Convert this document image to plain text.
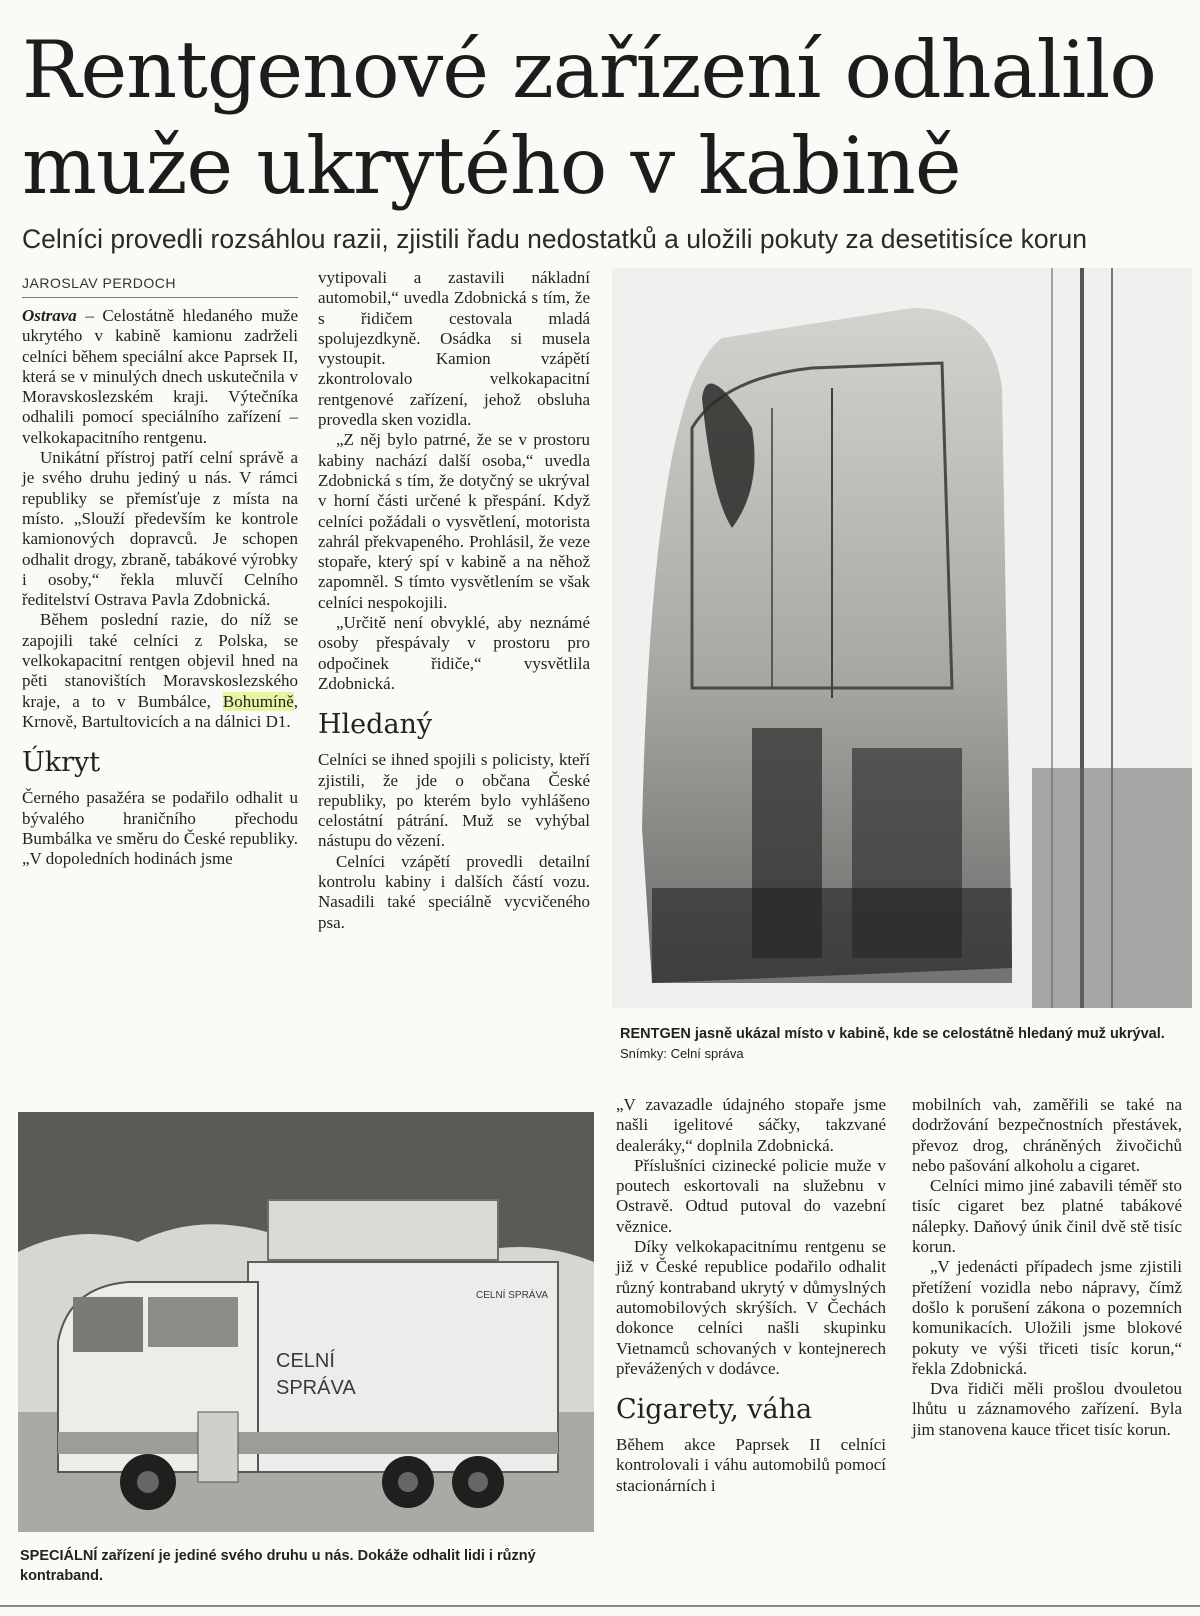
Rentgenové zařízení odhalilo
muže ukrytého v kabině

Celníci provedli rozsáhlou razii, zjistili řadu nedostatků a uložili pokuty za desetitisíce korun

JAROSLAV PERDOCH

Ostrava – Celostátně hledaného muže ukrytého v kabině kamionu zadrželi celníci během speciální akce Paprsek II, která se v minulých dnech uskutečnila v Moravskoslezském kraji. Výtečníka odhalili pomocí speciálního zařízení – velkokapacitního rentgenu.

Unikátní přístroj patří celní správě a je svého druhu jediný u nás. V rámci republiky se přemísťuje z místa na místo. „Slouží především ke kontrole kamionových dopravců. Je schopen odhalit drogy, zbraně, tabákové výrobky i osoby,“ řekla mluvčí Celního ředitelství Ostrava Pavla Zdobnická.

Během poslední razie, do níž se zapojili také celníci z Polska, se velkokapacitní rentgen objevil hned na pěti stanovištích Moravskoslezského kraje, a to v Bumbálce, Bohumíně, Krnově, Bartultovicích a na dálnici D1.

Úkryt

Černého pasažéra se podařilo odhalit u bývalého hraničního přechodu Bumbálka ve směru do České republiky. „V dopoledních hodinách jsme

vytipovali a zastavili nákladní automobil,“ uvedla Zdobnická s tím, že s řidičem cestovala mladá spolujezdkyně. Osádka si musela vystoupit. Kamion vzápětí zkontrolovalo velkokapacitní rentgenové zařízení, jehož obsluha provedla sken vozidla.

„Z něj bylo patrné, že se v prostoru kabiny nachází další osoba,“ uvedla Zdobnická s tím, že dotyčný se ukrýval v horní části určené k přespání. Když celníci požádali o vysvětlení, motorista zahrál překvapeného. Prohlásil, že veze stopaře, který spí v kabině a na něhož zapomněl. S tímto vysvětlením se však celníci nespokojili.

„Určitě není obvyklé, aby neznámé osoby přespávaly v prostoru pro odpočinek řidiče,“ vysvětlila Zdobnická.

Hledaný

Celníci se ihned spojili s policisty, kteří zjistili, že jde o občana České republiky, po kterém bylo vyhlášeno celostátní pátrání. Muž se vyhýbal nástupu do vězení.

Celníci vzápětí provedli detailní kontrolu kabiny i dalších částí vozu. Nasadili také speciálně vycvičeného psa.

RENTGEN jasně ukázal místo v kabině, kde se celostátně hledaný muž ukrýval. Snímky: Celní správa
CELNÍ
SPRÁVA
CELNÍ SPRÁVA
SPECIÁLNÍ zařízení je jediné svého druhu u nás. Dokáže odhalit lidi i různý kontraband.

„V zavazadle údajného stopaře jsme našli igelitové sáčky, takzvané dealeráky,“ doplnila Zdobnická.

Příslušníci cizinecké policie muže v poutech eskortovali na služebnu v Ostravě. Odtud putoval do vazební věznice.

Díky velkokapacitnímu rentgenu se již v České republice podařilo odhalit různý kontraband ukrytý v důmyslných automobilových skrýších. V Čechách dokonce celníci našli skupinku Vietnamců schovaných v kontejnerech převážených v dodávce.

Cigarety, váha

Během akce Paprsek II celníci kontrolovali i váhu automobilů pomocí stacionárních i

mobilních vah, zaměřili se také na dodržování bezpečnostních přestávek, převoz drog, chráněných živočichů nebo pašování alkoholu a cigaret.

Celníci mimo jiné zabavili téměř sto tisíc cigaret bez platné tabákové nálepky. Daňový únik činil dvě stě tisíc korun.

„V jedenácti případech jsme zjistili přetížení vozidla nebo nápravy, čímž došlo k porušení zákona o pozemních komunikacích. Uložili jsme blokové pokuty ve výši třiceti tisíc korun,“ řekla Zdobnická.

Dva řidiči měli prošlou dvouletou lhůtu u záznamového zařízení. Byla jim stanovena kauce třicet tisíc korun.
